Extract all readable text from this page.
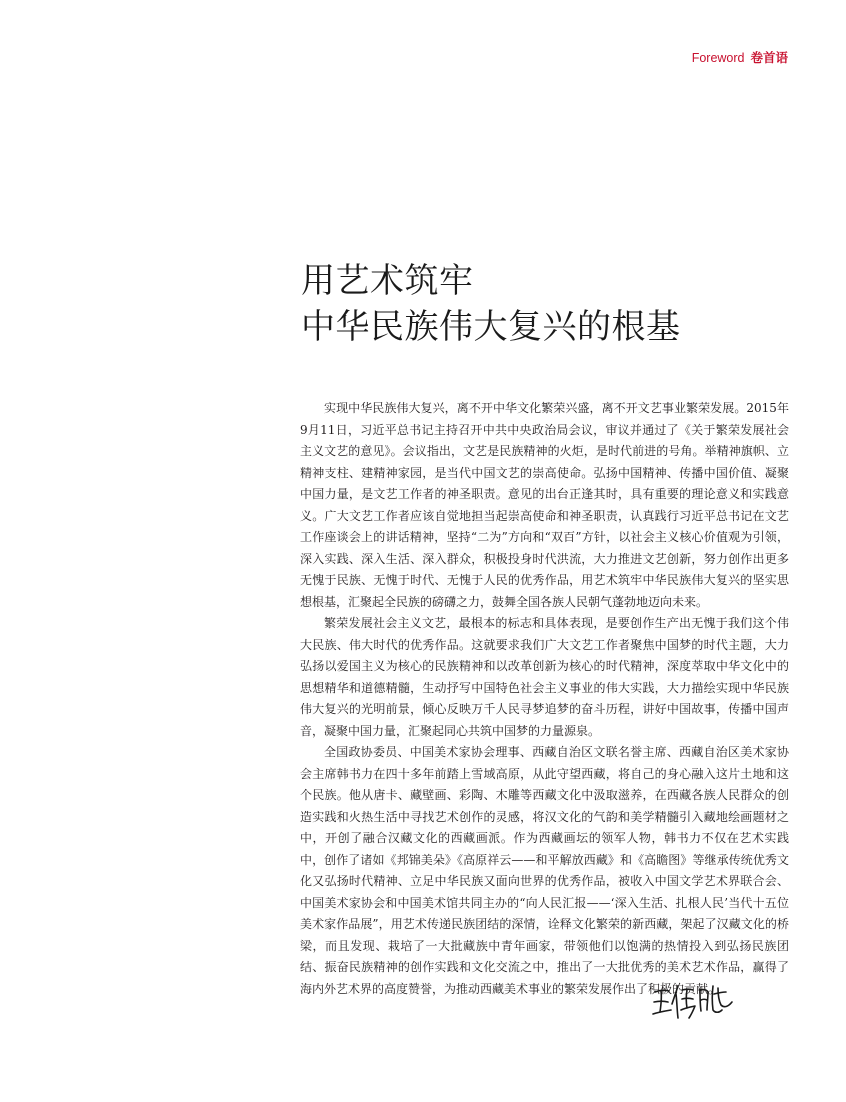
Foreword 卷首语
用艺术筑牢
中华民族伟大复兴的根基

实现中华民族伟大复兴，离不开中华文化繁荣兴盛，离不开文艺事业繁荣发展。2015年9月11日，习近平总书记主持召开中共中央政治局会议，审议并通过了《关于繁荣发展社会主义文艺的意见》。会议指出，文艺是民族精神的火炬，是时代前进的号角。举精神旗帜、立精神支柱、建精神家园，是当代中国文艺的崇高使命。弘扬中国精神、传播中国价值、凝聚中国力量，是文艺工作者的神圣职责。意见的出台正逢其时，具有重要的理论意义和实践意义。广大文艺工作者应该自觉地担当起崇高使命和神圣职责，认真践行习近平总书记在文艺工作座谈会上的讲话精神，坚持“二为”方向和“双百”方针，以社会主义核心价值观为引领，深入实践、深入生活、深入群众，积极投身时代洪流，大力推进文艺创新，努力创作出更多无愧于民族、无愧于时代、无愧于人民的优秀作品，用艺术筑牢中华民族伟大复兴的坚实思想根基，汇聚起全民族的磅礴之力，鼓舞全国各族人民朝气蓬勃地迈向未来。

繁荣发展社会主义文艺，最根本的标志和具体表现，是要创作生产出无愧于我们这个伟大民族、伟大时代的优秀作品。这就要求我们广大文艺工作者聚焦中国梦的时代主题，大力弘扬以爱国主义为核心的民族精神和以改革创新为核心的时代精神，深度萃取中华文化中的思想精华和道德精髓，生动抒写中国特色社会主义事业的伟大实践，大力描绘实现中华民族伟大复兴的光明前景，倾心反映万千人民寻梦追梦的奋斗历程，讲好中国故事，传播中国声音，凝聚中国力量，汇聚起同心共筑中国梦的力量源泉。

全国政协委员、中国美术家协会理事、西藏自治区文联名誉主席、西藏自治区美术家协会主席韩书力在四十多年前踏上雪域高原，从此守望西藏，将自己的身心融入这片土地和这个民族。他从唐卡、藏壁画、彩陶、木雕等西藏文化中汲取滋养，在西藏各族人民群众的创造实践和火热生活中寻找艺术创作的灵感，将汉文化的气韵和美学精髓引入藏地绘画题材之中，开创了融合汉藏文化的西藏画派。作为西藏画坛的领军人物，韩书力不仅在艺术实践中，创作了诸如《邦锦美朵》《高原祥云——和平解放西藏》和《高瞻图》等继承传统优秀文化又弘扬时代精神、立足中华民族又面向世界的优秀作品，被收入中国文学艺术界联合会、中国美术家协会和中国美术馆共同主办的“向人民汇报——‘深入生活、扎根人民’当代十五位美术家作品展”，用艺术传递民族团结的深情，诠释文化繁荣的新西藏，架起了汉藏文化的桥梁，而且发现、栽培了一大批藏族中青年画家，带领他们以饱满的热情投入到弘扬民族团结、振奋民族精神的创作实践和文化交流之中，推出了一大批优秀的美术艺术作品，赢得了海内外艺术界的高度赞誉，为推动西藏美术事业的繁荣发展作出了积极的贡献。
